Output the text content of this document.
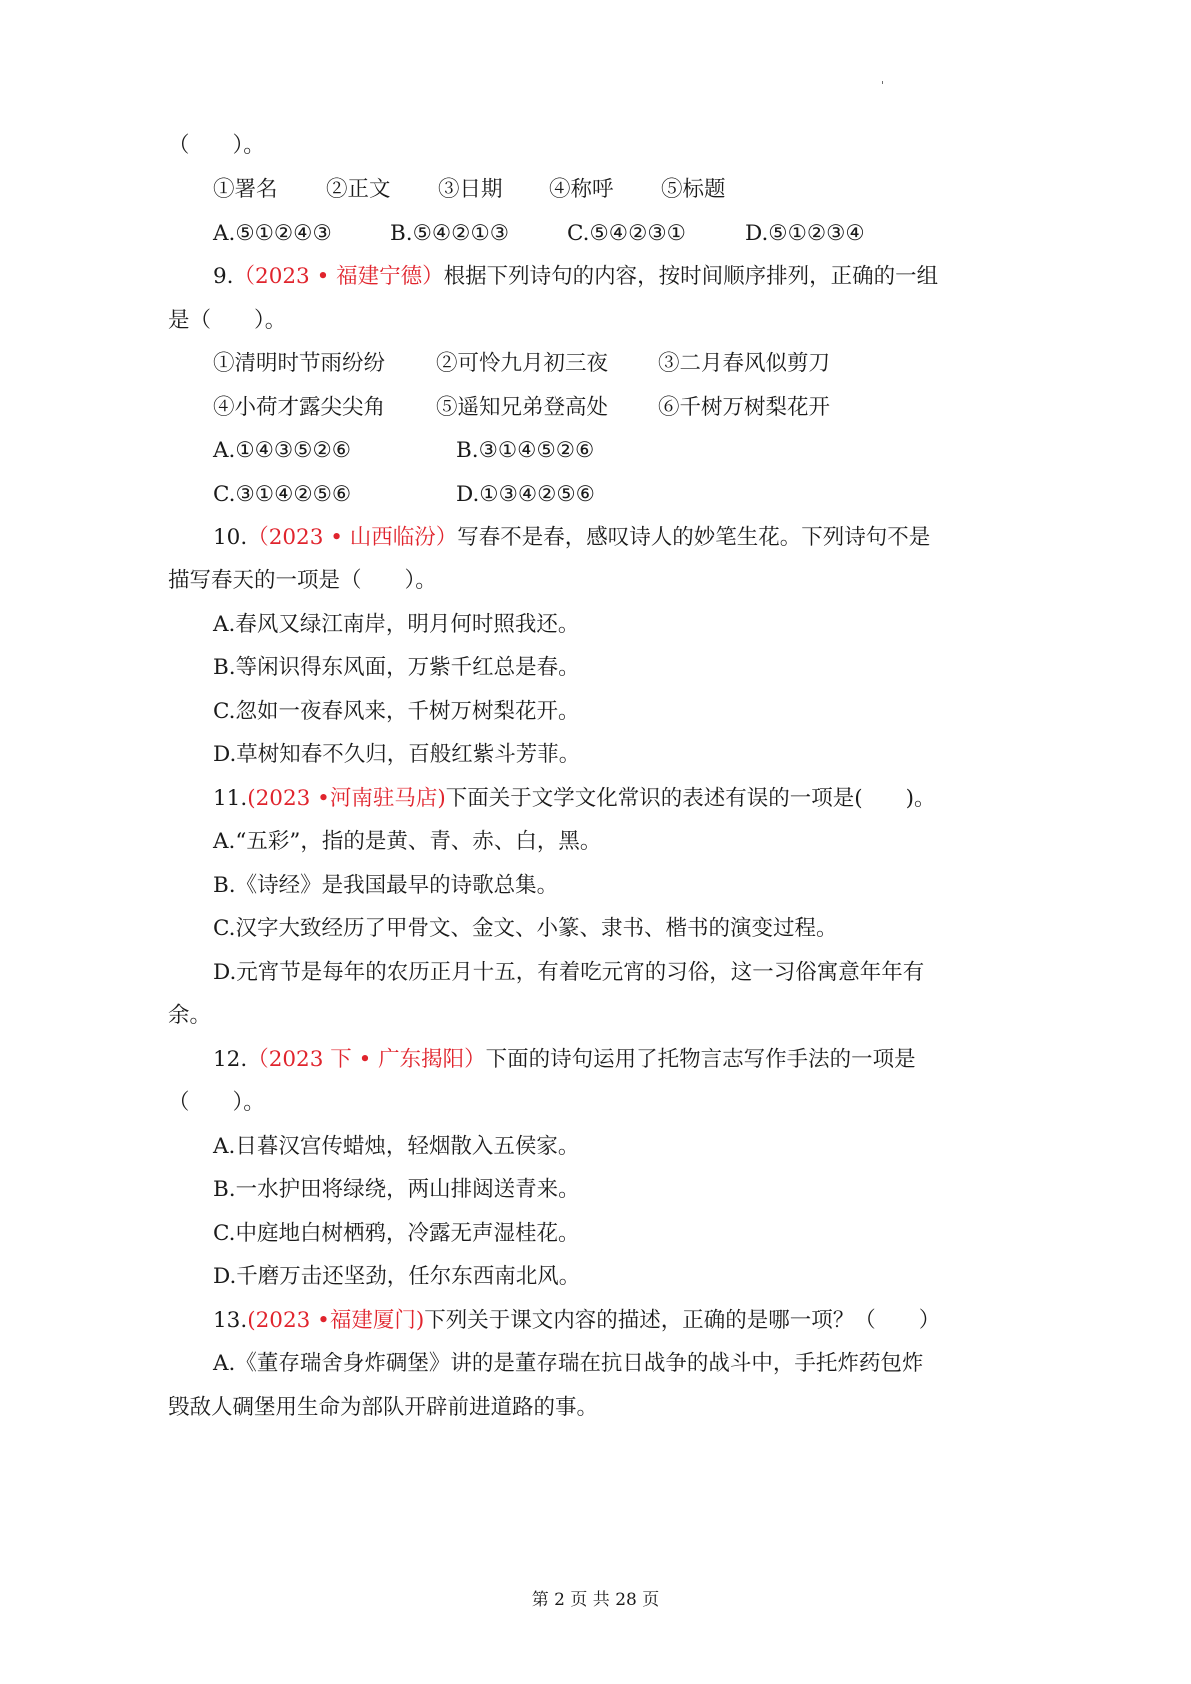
'
（　　）。
①署名 ②正文 ③日期 ④称呼 ⑤标题
A.⑤①②④③	B.⑤④②①③	C.⑤④②③①	D.⑤①②③④
9.（2023 • 福建宁德）根据下列诗句的内容，按时间顺序排列，正确的一组
是（　　）。
①清明时节雨纷纷 ②可怜九月初三夜 ③二月春风似剪刀
④小荷才露尖尖角 ⑤遥知兄弟登高处 ⑥千树万树梨花开
A.①④③⑤②⑥	B.③①④⑤②⑥
C.③①④②⑤⑥	D.①③④②⑤⑥
10.（2023 • 山西临汾）写春不是春，感叹诗人的妙笔生花。下列诗句不是
描写春天的一项是（　　）。
A.春风又绿江南岸，明月何时照我还。
B.等闲识得东风面，万紫千红总是春。
C.忽如一夜春风来，千树万树梨花开。
D.草树知春不久归，百般红紫斗芳菲。
11.(2023 •河南驻马店)下面关于文学文化常识的表述有误的一项是(　　)。
A.“五彩”，指的是黄、青、赤、白，黑。
B.《诗经》是我国最早的诗歌总集。
C.汉字大致经历了甲骨文、金文、小篆、隶书、楷书的演变过程。
D.元宵节是每年的农历正月十五，有着吃元宵的习俗，这一习俗寓意年年有
余。
12.（2023 下 • 广东揭阳）下面的诗句运用了托物言志写作手法的一项是
（　　）。
A.日暮汉宫传蜡烛，轻烟散入五侯家。
B.一水护田将绿绕，两山排闼送青来。
C.中庭地白树栖鸦，冷露无声湿桂花。
D.千磨万击还坚劲，任尔东西南北风。
13.(2023 •福建厦门)下列关于课文内容的描述，正确的是哪一项？（　　）
A.《董存瑞舍身炸碉堡》讲的是董存瑞在抗日战争的战斗中，手托炸药包炸
毁敌人碉堡用生命为部队开辟前进道路的事。
第 2 页 共 28 页
